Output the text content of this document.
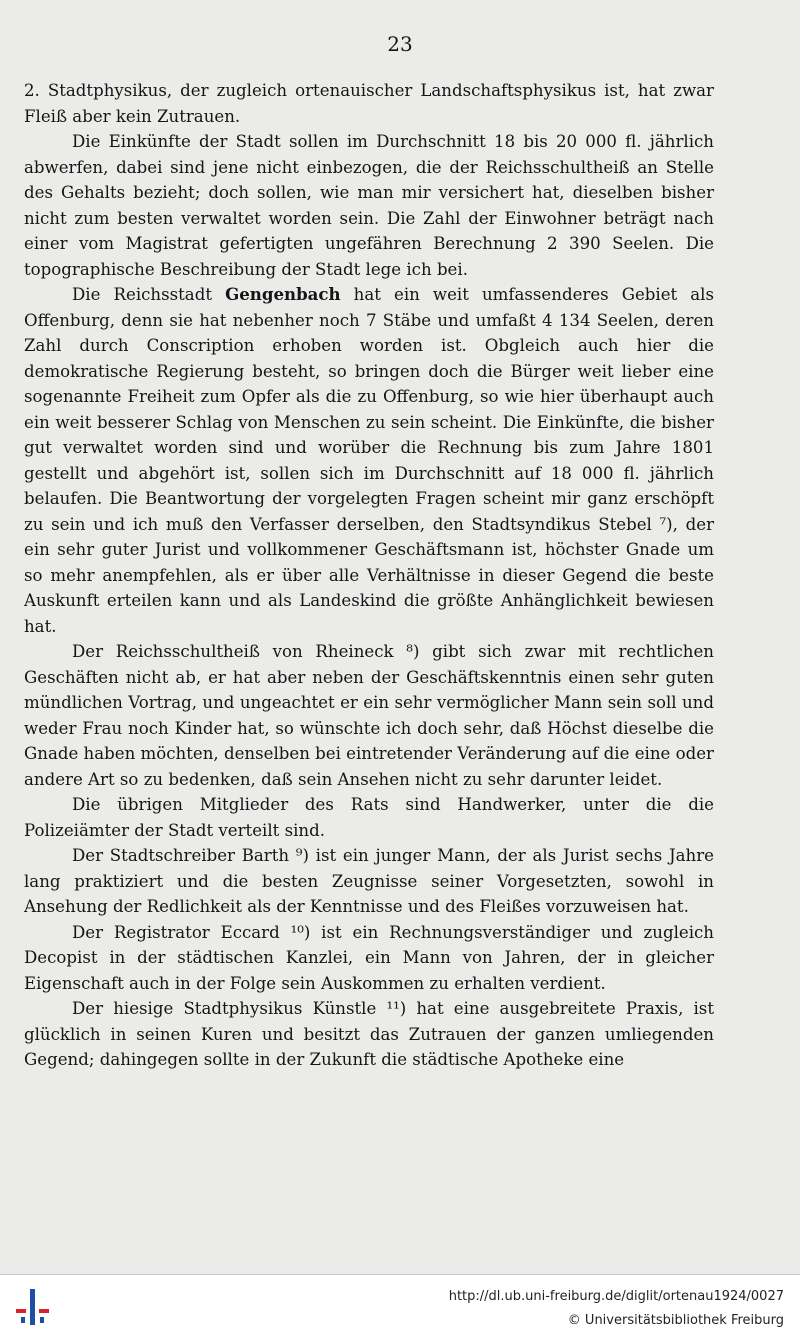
23

2. Stadtphysikus, der zugleich ortenauischer Landschaftsphysikus ist, hat zwar Fleiß aber kein Zutrauen.

Die Einkünfte der Stadt sollen im Durchschnitt 18 bis 20 000 fl. jährlich abwerfen, dabei sind jene nicht einbezogen, die der Reichsschultheiß an Stelle des Gehalts bezieht; doch sollen, wie man mir versichert hat, dieselben bisher nicht zum besten verwaltet worden sein. Die Zahl der Einwohner beträgt nach einer vom Magistrat gefertigten ungefähren Berechnung 2 390 Seelen. Die topographische Beschreibung der Stadt lege ich bei.

Die Reichsstadt Gengenbach hat ein weit umfassenderes Gebiet als Offenburg, denn sie hat nebenher noch 7 Stäbe und umfaßt 4 134 Seelen, deren Zahl durch Conscription erhoben worden ist. Obgleich auch hier die demokratische Regierung besteht, so bringen doch die Bürger weit lieber eine sogenannte Freiheit zum Opfer als die zu Offenburg, so wie hier überhaupt auch ein weit besserer Schlag von Menschen zu sein scheint. Die Einkünfte, die bisher gut verwaltet worden sind und worüber die Rechnung bis zum Jahre 1801 gestellt und abgehört ist, sollen sich im Durchschnitt auf 18 000 fl. jährlich belaufen. Die Beantwortung der vorgelegten Fragen scheint mir ganz erschöpft zu sein und ich muß den Verfasser derselben, den Stadtsyndikus Stebel ⁷), der ein sehr guter Jurist und vollkommener Geschäftsmann ist, höchster Gnade um so mehr anempfehlen, als er über alle Verhältnisse in dieser Gegend die beste Auskunft erteilen kann und als Landeskind die größte Anhänglichkeit bewiesen hat.

Der Reichsschultheiß von Rheineck ⁸) gibt sich zwar mit rechtlichen Geschäften nicht ab, er hat aber neben der Geschäftskenntnis einen sehr guten mündlichen Vortrag, und ungeachtet er ein sehr vermöglicher Mann sein soll und weder Frau noch Kinder hat, so wünschte ich doch sehr, daß Höchst dieselbe die Gnade haben möchten, denselben bei eintretender Veränderung auf die eine oder andere Art so zu bedenken, daß sein Ansehen nicht zu sehr darunter leidet.

Die übrigen Mitglieder des Rats sind Handwerker, unter die die Polizeiämter der Stadt verteilt sind.

Der Stadtschreiber Barth ⁹) ist ein junger Mann, der als Jurist sechs Jahre lang praktiziert und die besten Zeugnisse seiner Vorgesetzten, sowohl in Ansehung der Redlichkeit als der Kenntnisse und des Fleißes vorzuweisen hat.

Der Registrator Eccard ¹⁰) ist ein Rechnungsverständiger und zugleich Decopist in der städtischen Kanzlei, ein Mann von Jahren, der in gleicher Eigenschaft auch in der Folge sein Auskommen zu erhalten verdient.

Der hiesige Stadtphysikus Künstle ¹¹) hat eine ausgebreitete Praxis, ist glücklich in seinen Kuren und besitzt das Zutrauen der ganzen umliegenden Gegend; dahingegen sollte in der Zukunft die städtische Apotheke eine

http://dl.ub.uni-freiburg.de/diglit/ortenau1924/0027
© Universitätsbibliothek Freiburg
